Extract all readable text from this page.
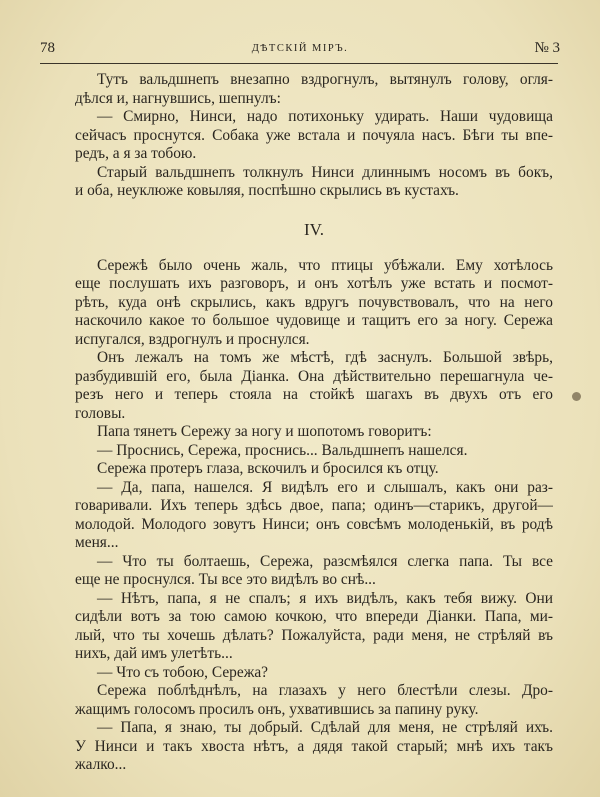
78	ДѢТСКІЙ МІРЪ.	№ 3
Тутъ вальдшнепъ внезапно вздрогнулъ, вытянулъ голову, огля-
дѣлся и, нагнувшись, шепнулъ:
— Смирно, Нинси, надо потихоньку удирать. Наши чудовища
сейчасъ проснутся. Собака уже встала и почуяла насъ. Бѣги ты впе-
редъ, а я за тобою.
Старый вальдшнепъ толкнулъ Нинси длиннымъ носомъ въ бокъ,
и оба, неуклюже ковыляя, поспѣшно скрылись въ кустахъ.
IV.
Сережѣ было очень жаль, что птицы убѣжали. Ему хотѣлось
еще послушать ихъ разговоръ, и онъ хотѣлъ уже встать и посмот-
рѣть, куда онѣ скрылись, какъ вдругъ почувствовалъ, что на него
наскочило какое то большое чудовище и тащитъ его за ногу. Сережа
испугался, вздрогнулъ и проснулся.
Онъ лежалъ на томъ же мѣстѣ, гдѣ заснулъ. Большой звѣрь,
разбудившій его, была Діанка. Она дѣйствительно перешагнула че-
резъ него и теперь стояла на стойкѣ шагахъ въ двухъ отъ его
головы.
Папа тянетъ Сережу за ногу и шопотомъ говоритъ:
— Проснись, Сережа, проснись... Вальдшнепъ нашелся.
Сережа протеръ глаза, вскочилъ и бросился къ отцу.
— Да, папа, нашелся. Я видѣлъ его и слышалъ, какъ они раз-
говаривали. Ихъ теперь здѣсь двое, папа; одинъ—старикъ, другой—
молодой. Молодого зовутъ Нинси; онъ совсѣмъ молоденькій, въ родѣ
меня...
— Что ты болтаешь, Сережа, разсмѣялся слегка папа. Ты все
еще не проснулся. Ты все это видѣлъ во снѣ...
— Нѣтъ, папа, я не спалъ; я ихъ видѣлъ, какъ тебя вижу. Они
сидѣли вотъ за тою самою кочкою, что впереди Діанки. Папа, ми-
лый, что ты хочешь дѣлать? Пожалуйста, ради меня, не стрѣляй въ
нихъ, дай имъ улетѣть...
— Что съ тобою, Сережа?
Сережа поблѣднѣлъ, на глазахъ у него блестѣли слезы. Дро-
жащимъ голосомъ просилъ онъ, ухватившись за папину руку.
— Папа, я знаю, ты добрый. Сдѣлай для меня, не стрѣляй ихъ.
У Нинси и такъ хвоста нѣтъ, а дядя такой старый; мнѣ ихъ такъ
жалко...
